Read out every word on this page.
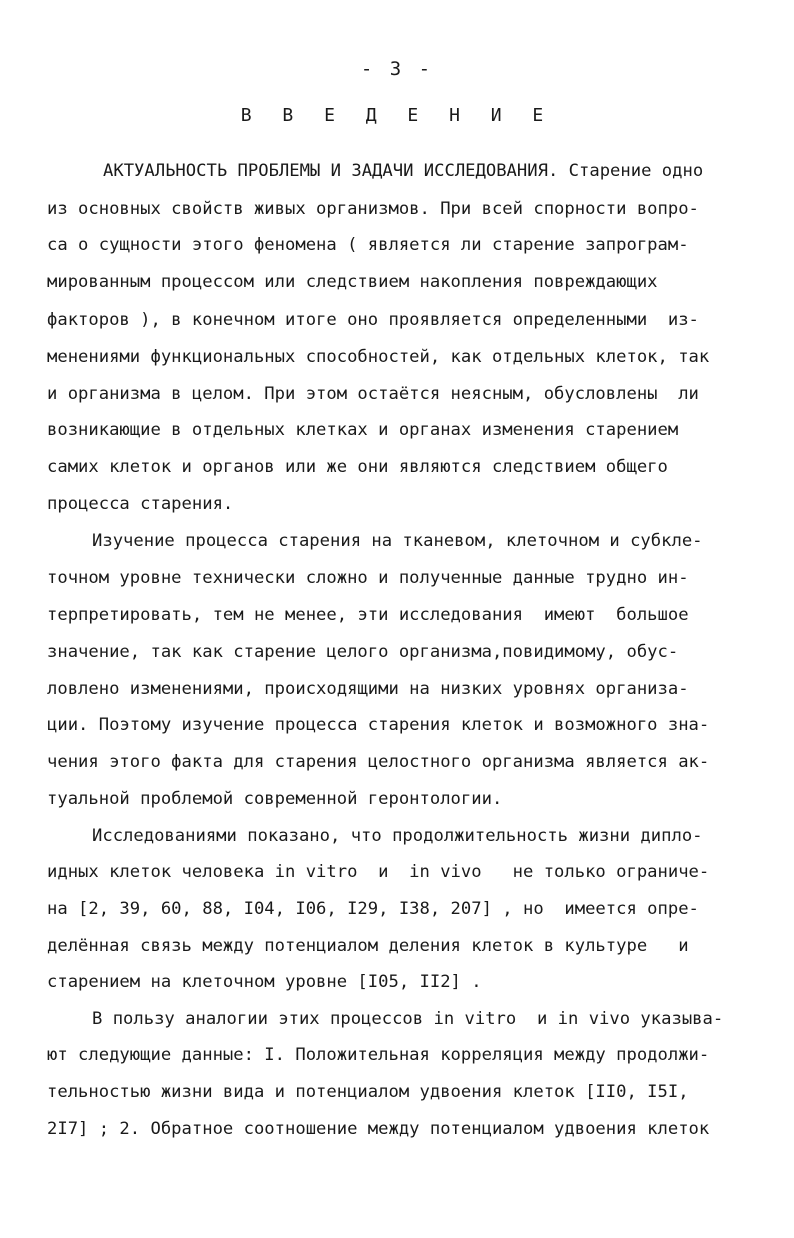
- 3 -
В В Е Д Е Н И Е
АКТУАЛЬНОСТЬ ПРОБЛЕМЫ И ЗАДАЧИ ИССЛЕДОВАНИЯ. Старение одно
из основных свойств живых организмов. При всей спорности вопро-
са о сущности этого феномена ( является ли старение запрограм-
мированным процессом или следствием накопления повреждающих
факторов ), в конечном итоге оно проявляется определенными  из-
менениями функциональных способностей, как отдельных клеток, так
и организма в целом. При этом остаётся неясным, обусловлены  ли
возникающие в отдельных клетках и органах изменения старением
самих клеток и органов или же они являются следствием общего
процесса старения.
Изучение процесса старения на тканевом, клеточном и субкле-
точном уровне технически сложно и полученные данные трудно ин-
терпретировать, тем не менее, эти исследования  имеют  большое
значение, так как старение целого организма,повидимому, обус-
ловлено изменениями, происходящими на низких уровнях организа-
ции. Поэтому изучение процесса старения клеток и возможного зна-
чения этого факта для старения целостного организма является ак-
туальной проблемой современной геронтологии.
Исследованиями показано, что продолжительность жизни дипло-
идных клеток человека in vitro  и  in vivo   не только ограниче-
на [2, 39, 60, 88, I04, I06, I29, I38, 207] , но  имеется опре-
делённая связь между потенциалом деления клеток в культуре   и
старением на клеточном уровне [I05, II2] .
В пользу аналогии этих процессов in vitro  и in vivo указыва-
ют следующие данные: I. Положительная корреляция между продолжи-
тельностью жизни вида и потенциалом удвоения клеток [II0, I5I,
2I7] ; 2. Обратное соотношение между потенциалом удвоения клеток
